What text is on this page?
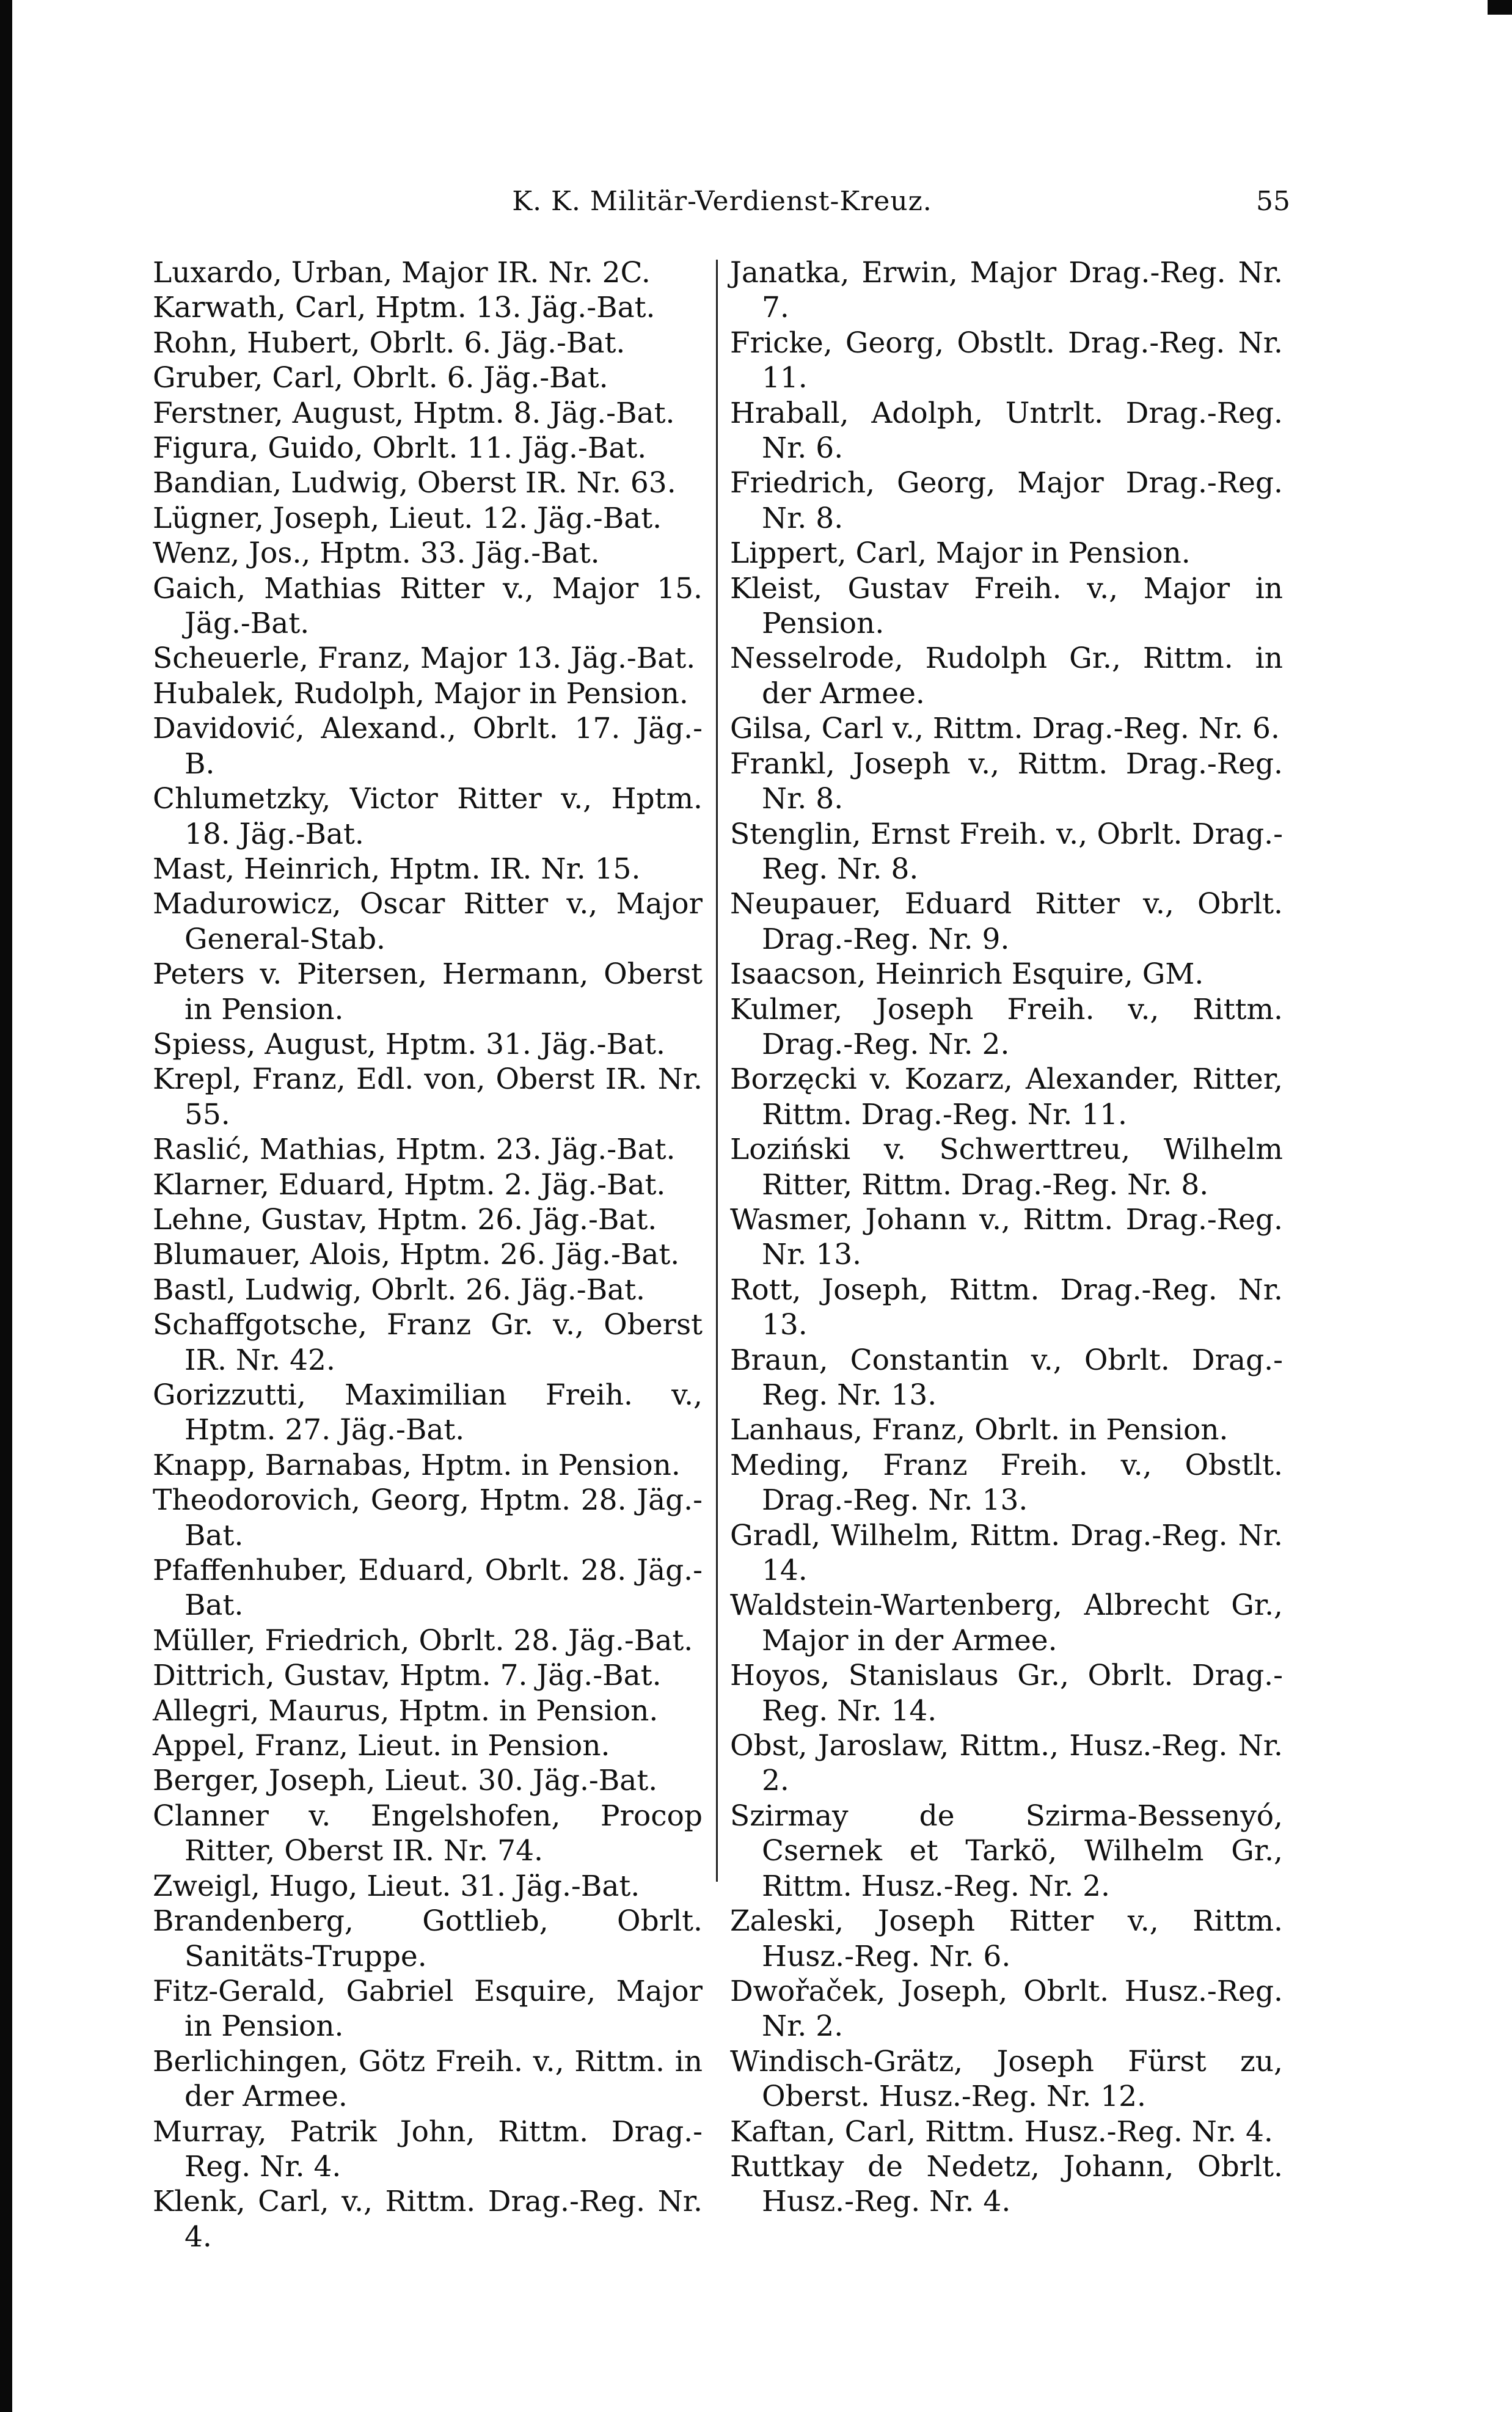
K. K. Militär-Verdienst-Kreuz.	55

Luxardo, Urban, Major IR. Nr. 2C.

Karwath, Carl, Hptm. 13. Jäg.-Bat.

Rohn, Hubert, Obrlt. 6. Jäg.-Bat.

Gruber, Carl, Obrlt. 6. Jäg.-Bat.

Ferstner, August, Hptm. 8. Jäg.-Bat.

Figura, Guido, Obrlt. 11. Jäg.-Bat.

Bandian, Ludwig, Oberst IR. Nr. 63.

Lügner, Joseph, Lieut. 12. Jäg.-Bat.

Wenz, Jos., Hptm. 33. Jäg.-Bat.

Gaich, Mathias Ritter v., Major 15. Jäg.-Bat.

Scheuerle, Franz, Major 13. Jäg.-Bat.

Hubalek, Rudolph, Major in Pension.

Davidović, Alexand., Obrlt. 17. Jäg.-B.

Chlumetzky, Victor Ritter v., Hptm. 18. Jäg.-Bat.

Mast, Heinrich, Hptm. IR. Nr. 15.

Madurowicz, Oscar Ritter v., Major General-Stab.

Peters v. Pitersen, Hermann, Oberst in Pension.

Spiess, August, Hptm. 31. Jäg.-Bat.

Krepl, Franz, Edl. von, Oberst IR. Nr. 55.

Raslić, Mathias, Hptm. 23. Jäg.-Bat.

Klarner, Eduard, Hptm. 2. Jäg.-Bat.

Lehne, Gustav, Hptm. 26. Jäg.-Bat.

Blumauer, Alois, Hptm. 26. Jäg.-Bat.

Bastl, Ludwig, Obrlt. 26. Jäg.-Bat.

Schaffgotsche, Franz Gr. v., Oberst IR. Nr. 42.

Gorizzutti, Maximilian Freih. v., Hptm. 27. Jäg.-Bat.

Knapp, Barnabas, Hptm. in Pension.

Theodorovich, Georg, Hptm. 28. Jäg.-Bat.

Pfaffenhuber, Eduard, Obrlt. 28. Jäg.-Bat.

Müller, Friedrich, Obrlt. 28. Jäg.-Bat.

Dittrich, Gustav, Hptm. 7. Jäg.-Bat.

Allegri, Maurus, Hptm. in Pension.

Appel, Franz, Lieut. in Pension.

Berger, Joseph, Lieut. 30. Jäg.-Bat.

Clanner v. Engelshofen, Procop Ritter, Oberst IR. Nr. 74.

Zweigl, Hugo, Lieut. 31. Jäg.-Bat.

Brandenberg, Gottlieb, Obrlt. Sanitäts-Truppe.

Fitz-Gerald, Gabriel Esquire, Major in Pension.

Berlichingen, Götz Freih. v., Rittm. in der Armee.

Murray, Patrik John, Rittm. Drag.-Reg. Nr. 4.

Klenk, Carl, v., Rittm. Drag.-Reg. Nr. 4.

Janatka, Erwin, Major Drag.-Reg. Nr. 7.

Fricke, Georg, Obstlt. Drag.-Reg. Nr. 11.

Hraball, Adolph, Untrlt. Drag.-Reg. Nr. 6.

Friedrich, Georg, Major Drag.-Reg. Nr. 8.

Lippert, Carl, Major in Pension.

Kleist, Gustav Freih. v., Major in Pension.

Nesselrode, Rudolph Gr., Rittm. in der Armee.

Gilsa, Carl v., Rittm. Drag.-Reg. Nr. 6.

Frankl, Joseph v., Rittm. Drag.-Reg. Nr. 8.

Stenglin, Ernst Freih. v., Obrlt. Drag.-Reg. Nr. 8.

Neupauer, Eduard Ritter v., Obrlt. Drag.-Reg. Nr. 9.

Isaacson, Heinrich Esquire, GM.

Kulmer, Joseph Freih. v., Rittm. Drag.-Reg. Nr. 2.

Borzęcki v. Kozarz, Alexander, Ritter, Rittm. Drag.-Reg. Nr. 11.

Loziński v. Schwerttreu, Wilhelm Ritter, Rittm. Drag.-Reg. Nr. 8.

Wasmer, Johann v., Rittm. Drag.-Reg. Nr. 13.

Rott, Joseph, Rittm. Drag.-Reg. Nr. 13.

Braun, Constantin v., Obrlt. Drag.-Reg. Nr. 13.

Lanhaus, Franz, Obrlt. in Pension.

Meding, Franz Freih. v., Obstlt. Drag.-Reg. Nr. 13.

Gradl, Wilhelm, Rittm. Drag.-Reg. Nr. 14.

Waldstein-Wartenberg, Albrecht Gr., Major in der Armee.

Hoyos, Stanislaus Gr., Obrlt. Drag.-Reg. Nr. 14.

Obst, Jaroslaw, Rittm., Husz.-Reg. Nr. 2.

Szirmay de Szirma-Bessenyó, Csernek et Tarkö, Wilhelm Gr., Rittm. Husz.-Reg. Nr. 2.

Zaleski, Joseph Ritter v., Rittm. Husz.-Reg. Nr. 6.

Dwořaček, Joseph, Obrlt. Husz.-Reg. Nr. 2.

Windisch-Grätz, Joseph Fürst zu, Oberst. Husz.-Reg. Nr. 12.

Kaftan, Carl, Rittm. Husz.-Reg. Nr. 4.

Ruttkay de Nedetz, Johann, Obrlt. Husz.-Reg. Nr. 4.
